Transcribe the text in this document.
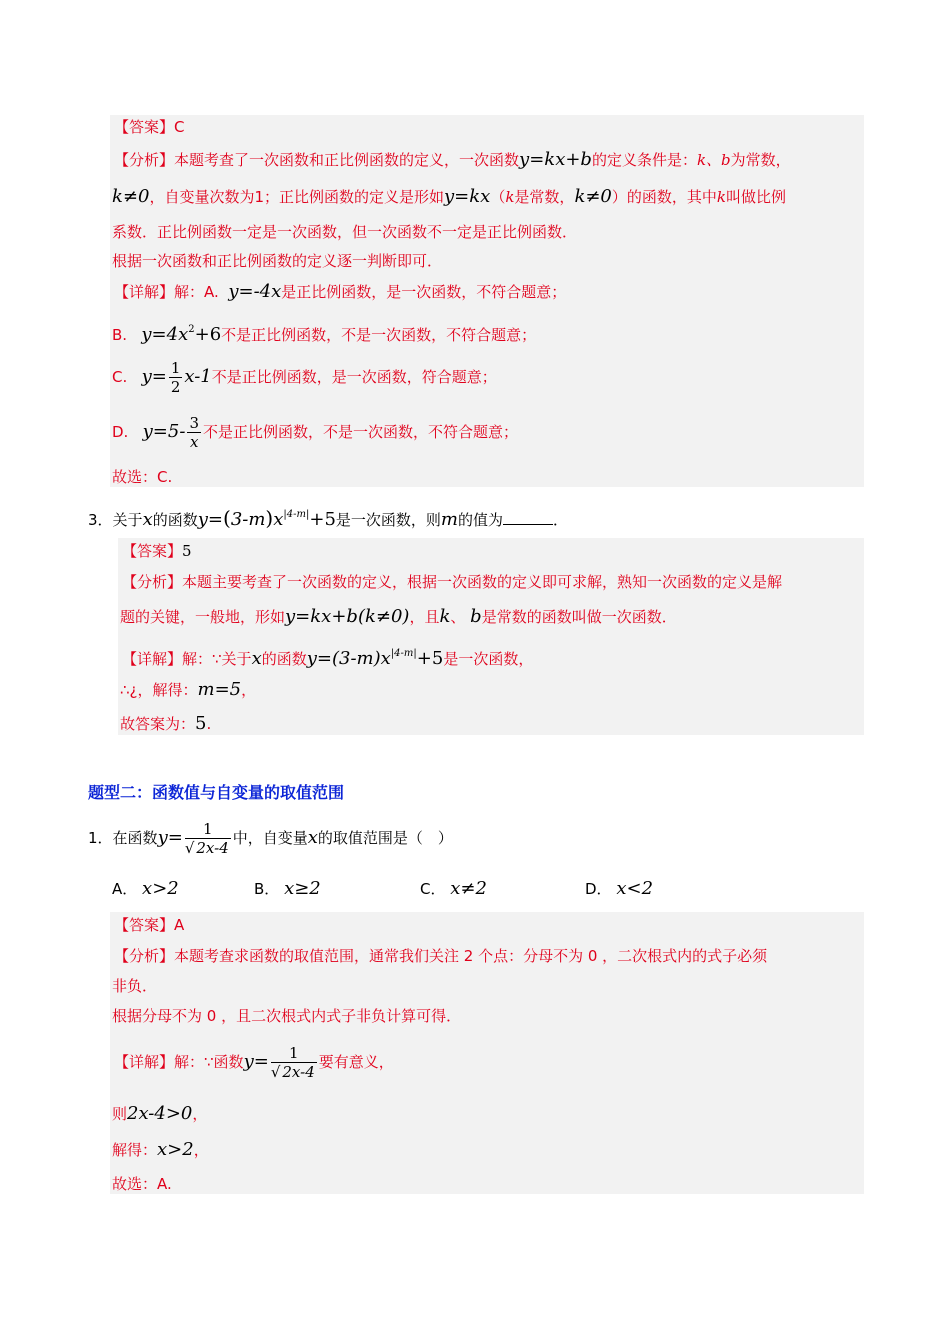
【答案】C
【分析】本题考查了一次函数和正比例函数的定义，一次函数y=kx+b的定义条件是：k、b为常数，
k≠0，自变量次数为1；正比例函数的定义是形如y=kx（k是常数，k≠0）的函数，其中k叫做比例
系数．正比例函数一定是一次函数，但一次函数不一定是正比例函数．
根据一次函数和正比例函数的定义逐一判断即可．
【详解】解：A. y=-4x是正比例函数，是一次函数，不符合题意；
B. $y=4x^2+6$不是正比例函数，不是一次函数，不符合题意；
C. $y= \frac{1}{2} x-1$不是正比例函数，是一次函数，符合题意；
D. $y=5- \frac{3}{x}$ 不是正比例函数，不是一次函数，不符合题意；
故选：C.
3．关于x的函数$y=(3-m)x^{|4-m|}+5$是一次函数，则m的值为	．
【答案】5
【分析】本题主要考查了一次函数的定义，根据一次函数的定义即可求解，熟知一次函数的定义是解
题的关键，一般地，形如y=kx+b(k≠0)，且k、 b是常数的函数叫做一次函数．
【详解】解：∵关于x的函数$y=(3-m)x^{|4-m|}+5$是一次函数，
∴¿，解得：m=5，
故答案为：5.
题型二：函数值与自变量的取值范围
1．在函数$y= \frac{1}{√ 2x-4}$ 中，自变量x的取值范围是（　）
A． x>2	B． x≥2	C． x≠2	D． x<2
【答案】A
【分析】本题考查求函数的取值范围，通常我们关注 2 个点：分母不为 0 ，二次根式内的式子必须
非负．
根据分母不为 0 ，且二次根式内式子非负计算可得．
【详解】解：∵函数$y= \frac{1}{√ 2x-4}$ 要有意义，
则2x-4>0，
解得：x>2，
故选：A.
